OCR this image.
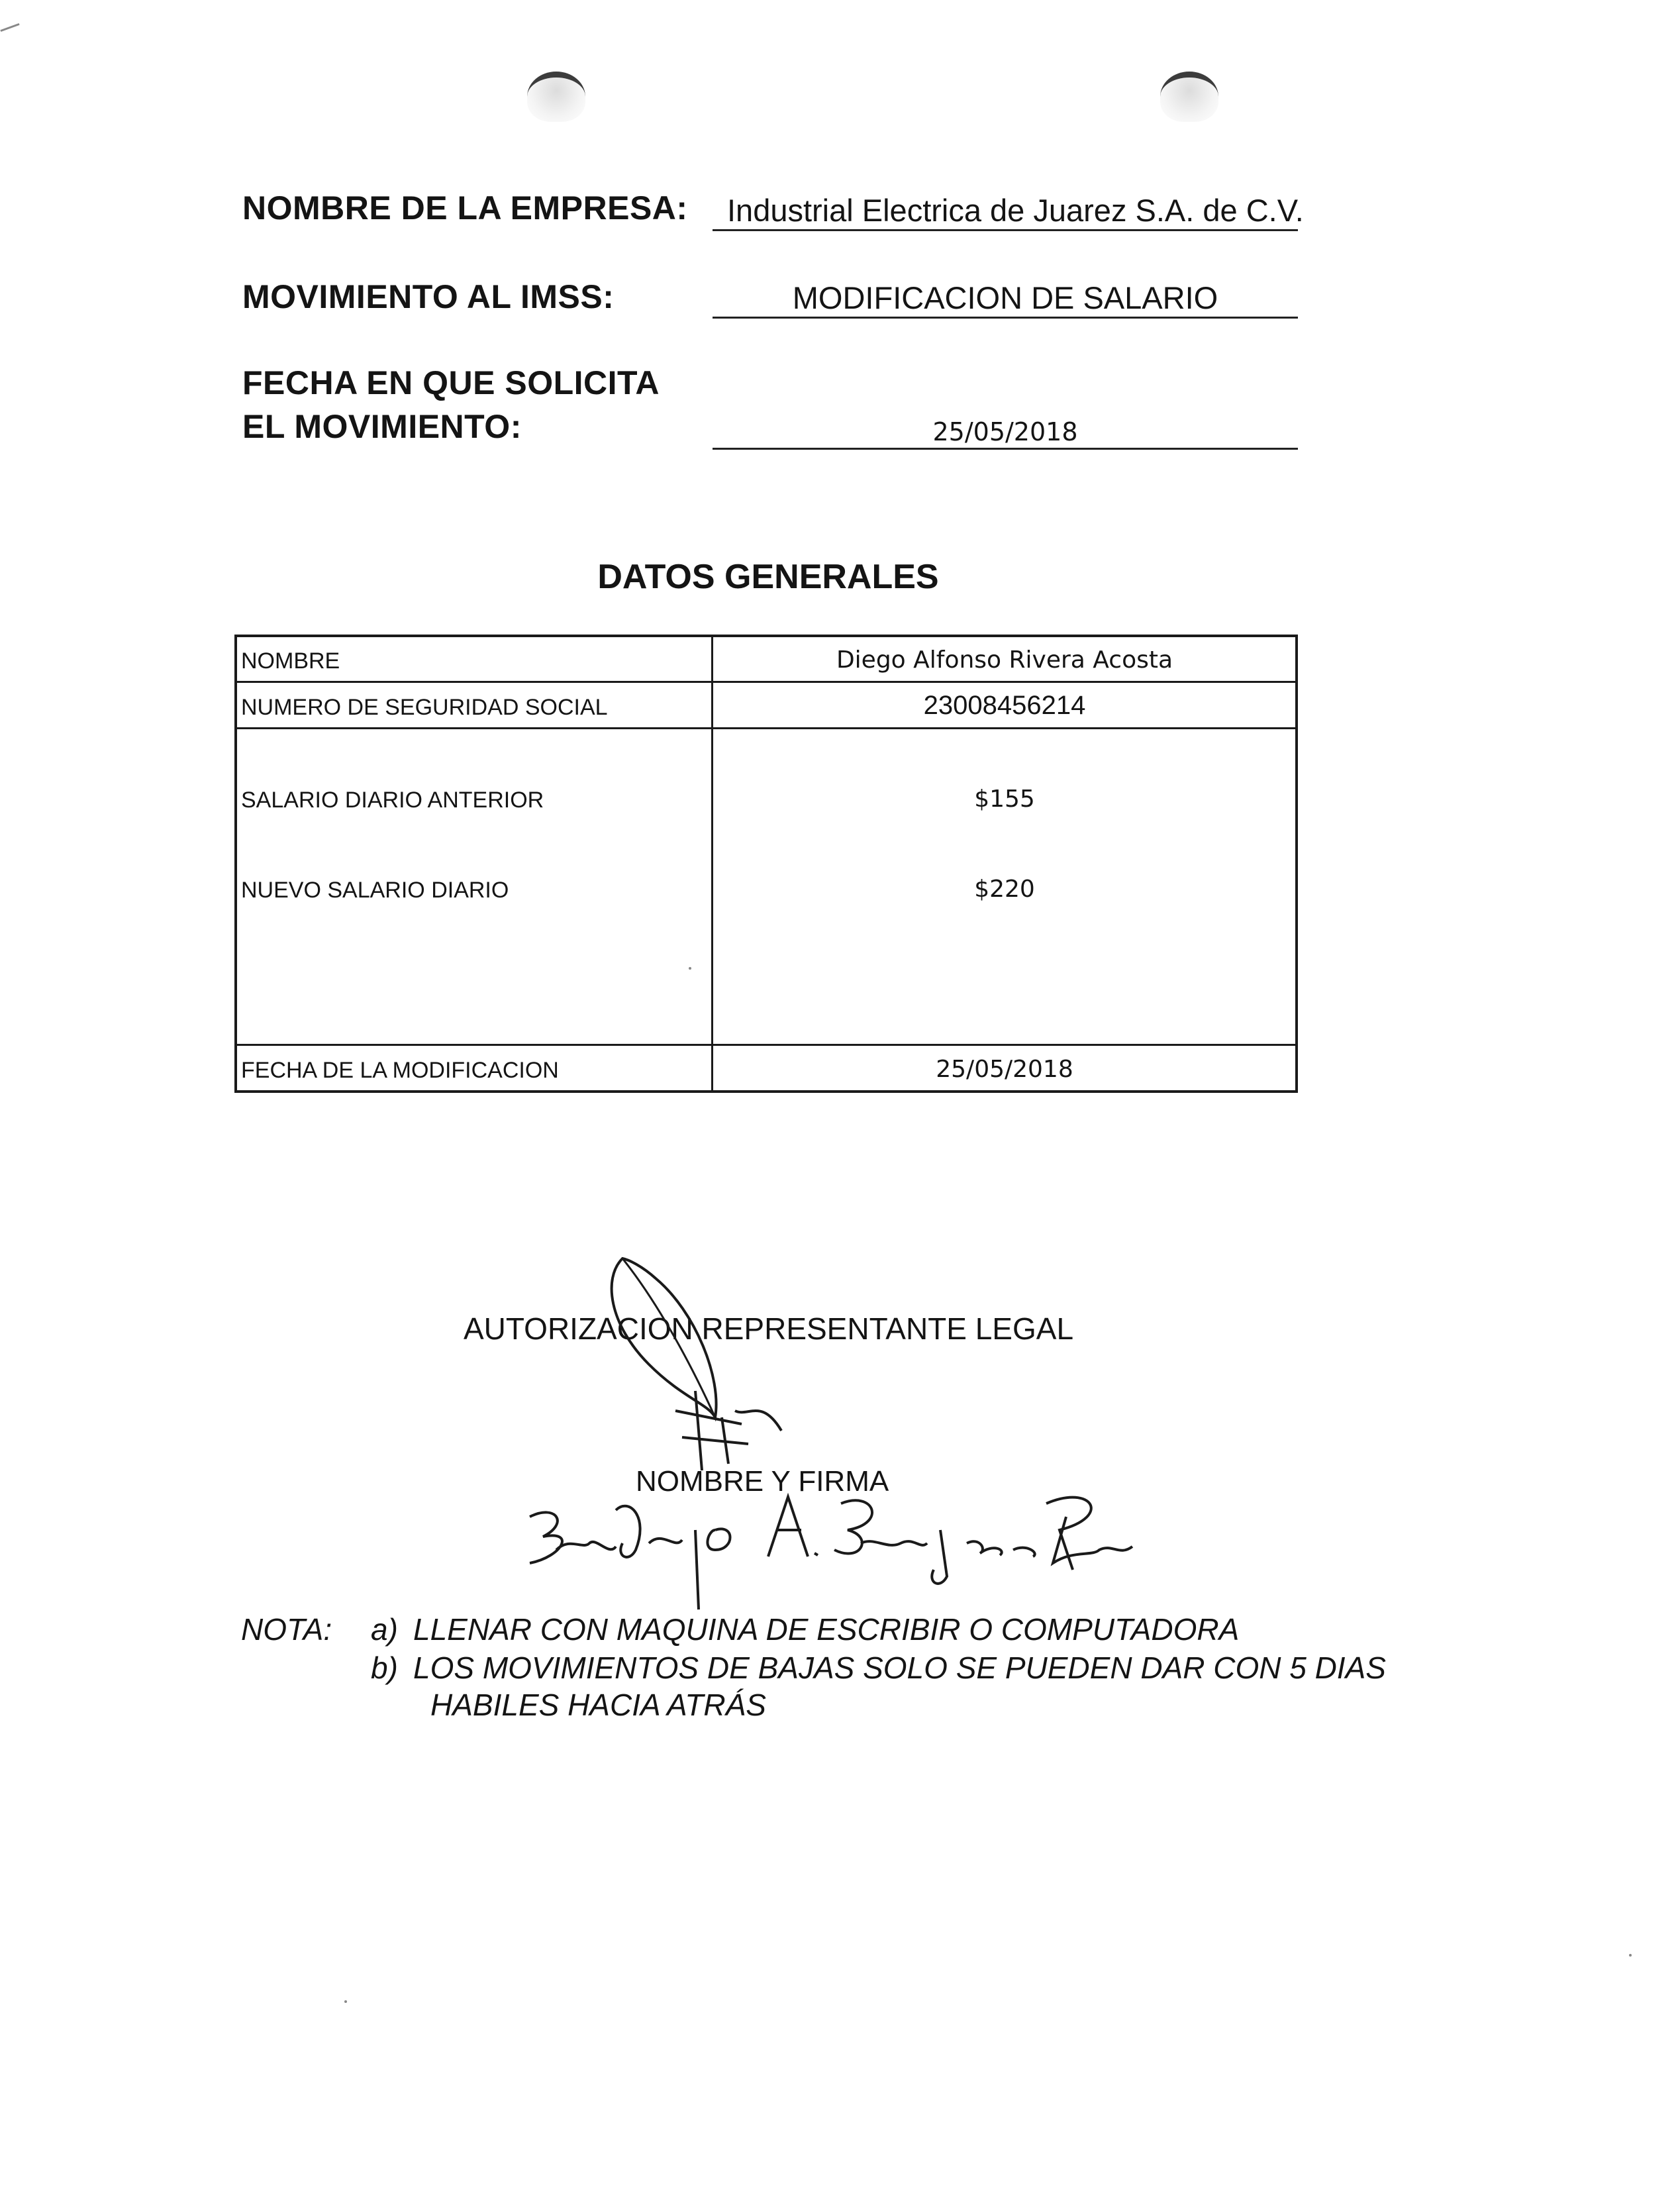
NOMBRE DE LA EMPRESA: Industrial Electrica de Juarez S.A. de C.V.
MOVIMIENTO AL IMSS:	MODIFICACION DE SALARIO
FECHA EN QUE SOLICITA
EL MOVIMIENTO:	25/05/2018
DATOS GENERALES
NOMBRE	Diego Alfonso Rivera Acosta
NUMERO DE SEGURIDAD SOCIAL	23008456214
SALARIO DIARIO ANTERIOR	$155
NUEVO SALARIO DIARIO	$220
FECHA DE LA MODIFICACION	25/05/2018
AUTORIZACION REPRESENTANTE LEGAL
NOMBRE Y FIRMA
NOTA: a) LLENAR CON MAQUINA DE ESCRIBIR O COMPUTADORA
b) LOS MOVIMIENTOS DE BAJAS SOLO SE PUEDEN DAR CON 5 DIAS
HABILES HACIA ATRÁS
